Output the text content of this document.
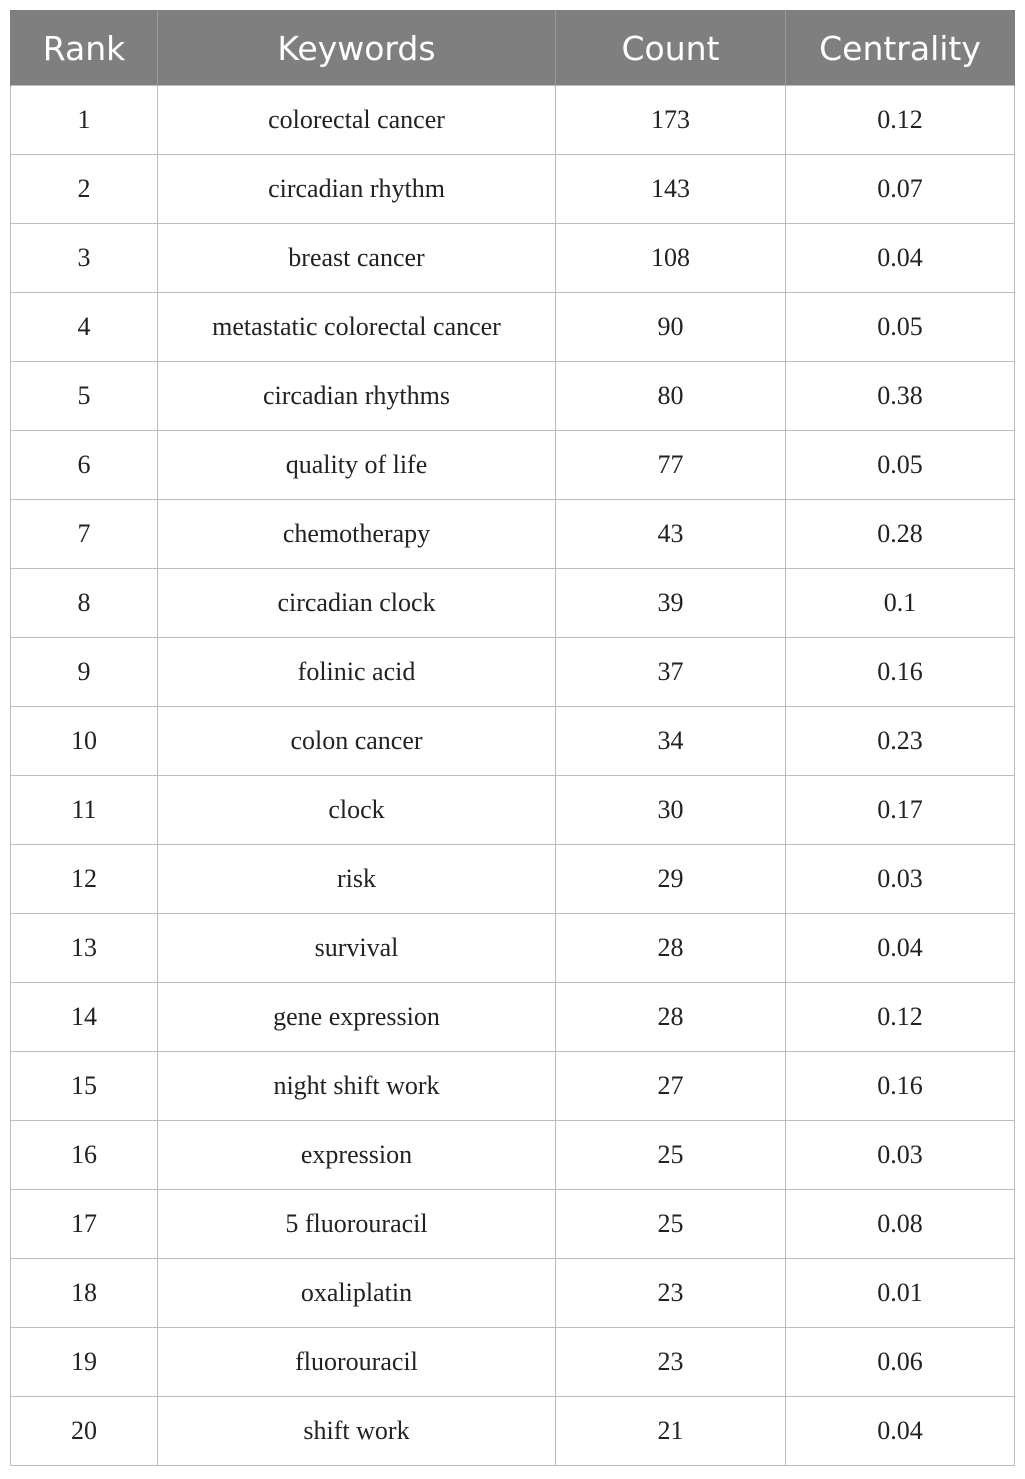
Rank	Keywords	Count	Centrality
1	colorectal cancer	173	0.12
2	circadian rhythm	143	0.07
3	breast cancer	108	0.04
4	metastatic colorectal cancer	90	0.05
5	circadian rhythms	80	0.38
6	quality of life	77	0.05
7	chemotherapy	43	0.28
8	circadian clock	39	0.1
9	folinic acid	37	0.16
10	colon cancer	34	0.23
11	clock	30	0.17
12	risk	29	0.03
13	survival	28	0.04
14	gene expression	28	0.12
15	night shift work	27	0.16
16	expression	25	0.03
17	5 fluorouracil	25	0.08
18	oxaliplatin	23	0.01
19	fluorouracil	23	0.06
20	shift work	21	0.04
